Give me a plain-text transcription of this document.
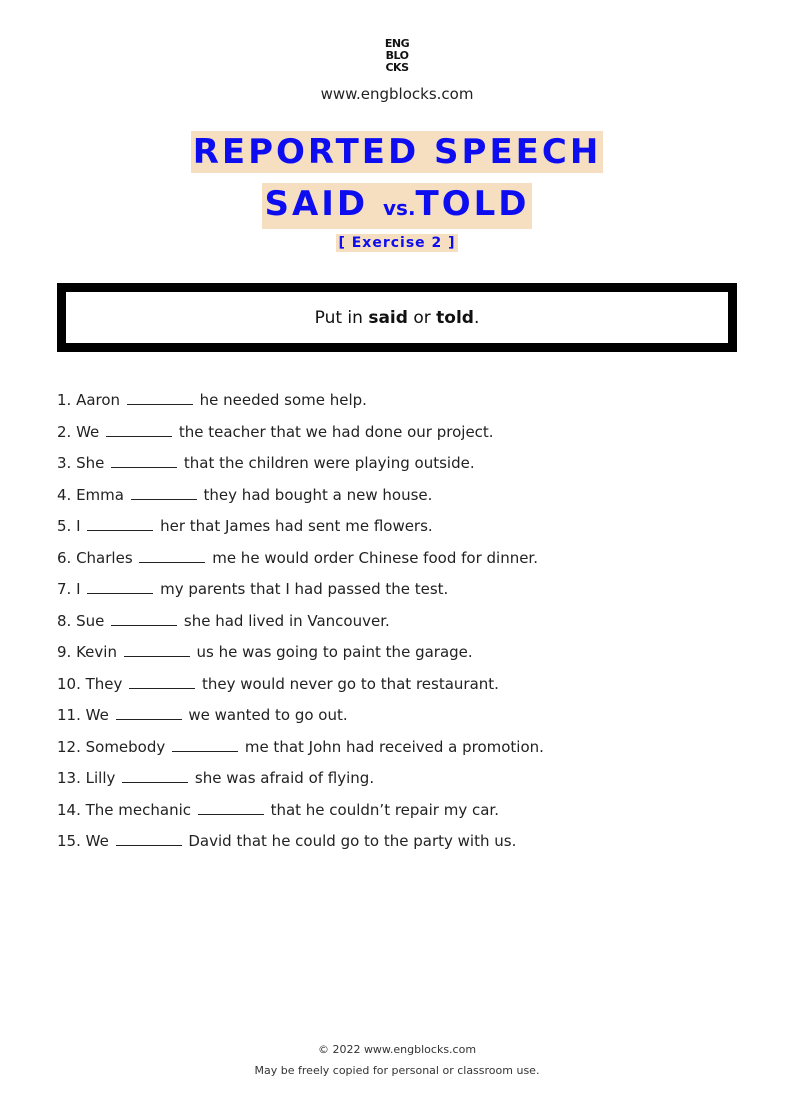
ENG
BLO
CKS
www.engblocks.com
REPORTED SPEECH
SAID vs.TOLD
[ Exercise 2 ]
Put in said or told.
1. Aaron	he needed some help.
2. We	the teacher that we had done our project.
3. She	that the children were playing outside.
4. Emma	they had bought a new house.
5. I	her that James had sent me flowers.
6. Charles	me he would order Chinese food for dinner.
7. I	my parents that I had passed the test.
8. Sue	she had lived in Vancouver.
9. Kevin	us he was going to paint the garage.
10. They	they would never go to that restaurant.
11. We	we wanted to go out.
12. Somebody	me that John had received a promotion.
13. Lilly	she was afraid of flying.
14. The mechanic	that he couldn’t repair my car.
15. We	David that he could go to the party with us.
© 2022 www.engblocks.com
May be freely copied for personal or classroom use.
